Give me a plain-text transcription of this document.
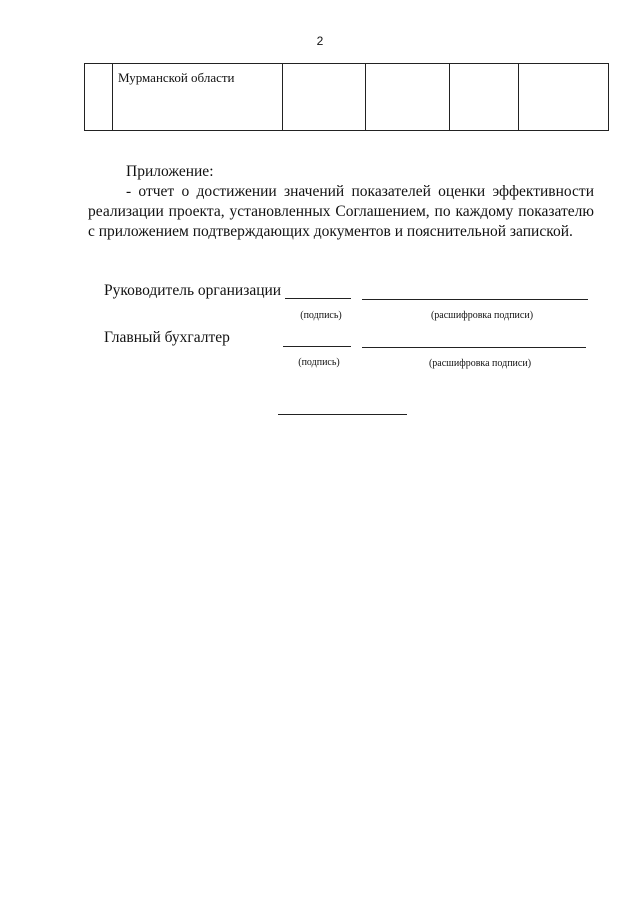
2
	Мурманской области				
Приложение:
- отчет о достижении значений показателей оценки эффективности реализации проекта, установленных Соглашением, по каждому показателю с приложением подтверждающих документов и пояснительной запиской.
Руководитель организации
(подпись)	(расшифровка подписи)
Главный бухгалтер
(подпись)	(расшифровка подписи)
